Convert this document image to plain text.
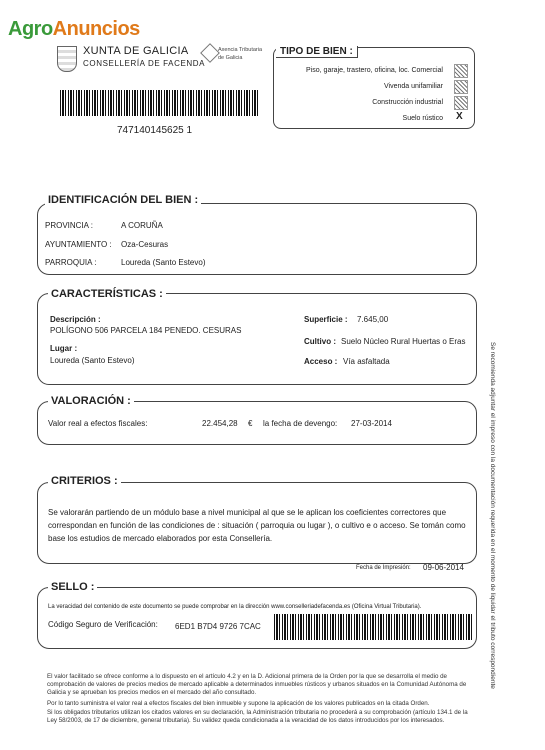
AgroAnuncios
XUNTA DE GALICIA
CONSELLERÍA DE FACENDA
Axencia Tributaria
de Galicia
747140145625 1
TIPO DE BIEN :
Piso, garaje, trastero, oficina, loc. Comercial
Vivenda unifamiliar
Construcción industrial
Suelo rústico X
IDENTIFICACIÓN DEL BIEN :
PROVINCIA :	A CORUÑA
AYUNTAMIENTO : Oza-Cesuras
PARROQUIA :	Loureda (Santo Estevo)
CARACTERÍSTICAS :
Descripción :
POLÍGONO 506 PARCELA 184 PENEDO. CESURAS
Lugar :
Loureda (Santo Estevo)
Superficie : 7.645,00
Cultivo : Suelo Núcleo Rural Huertas o Eras
Acceso : Vía asfaltada
VALORACIÓN :
Valor real a efectos fiscales:	22.454,28 € la fecha de devengo: 27-03-2014
CRITERIOS :
Se valorarán partiendo de un módulo base a nivel municipal al que se le aplican los coeficientes correctores que correspondan en función de las condiciones de : situación ( parroquia ou lugar ), o cultivo e o acceso. Se tomán como base los estudios de mercado elaborados por esta Consellería.
Fecha de Impresión: 09-06-2014
SELLO :
La veracidad del contenido de este documento se puede comprobar en la dirección www.conselleriadefacenda.es (Oficina Virtual Tributaria).
Código Seguro de Verificación: 6ED1 B7D4 9726 7CAC	Se recomienda adjuntar el impreso con la documentación requerida en el momento de liquidar el tributo correspondiente
El valor facilitado se ofrece conforme a lo dispuesto en el artículo 4.2 y en la D. Adicional primera de la Orden por la que se desarrolla el medio de comprobación de valores de precios medios de mercado aplicable a determinados inmuebles rústicos y urbanos situados en la Comunidad Autónoma de Galicia y se aprueban los precios medios en el mercado del año consultado.
Por lo tanto suministra el valor real a efectos fiscales del bien inmueble y supone la aplicación de los valores publicados en la citada Orden.
Si los obligados tributarios utilizan los citados valores en su declaración, la Administración tributaria no procederá a su comprobación (artículo 134.1 de la Ley 58/2003, de 17 de diciembre, general tributaria). Su validez queda condicionada a la veracidad de los datos introducidos por los interesados.
